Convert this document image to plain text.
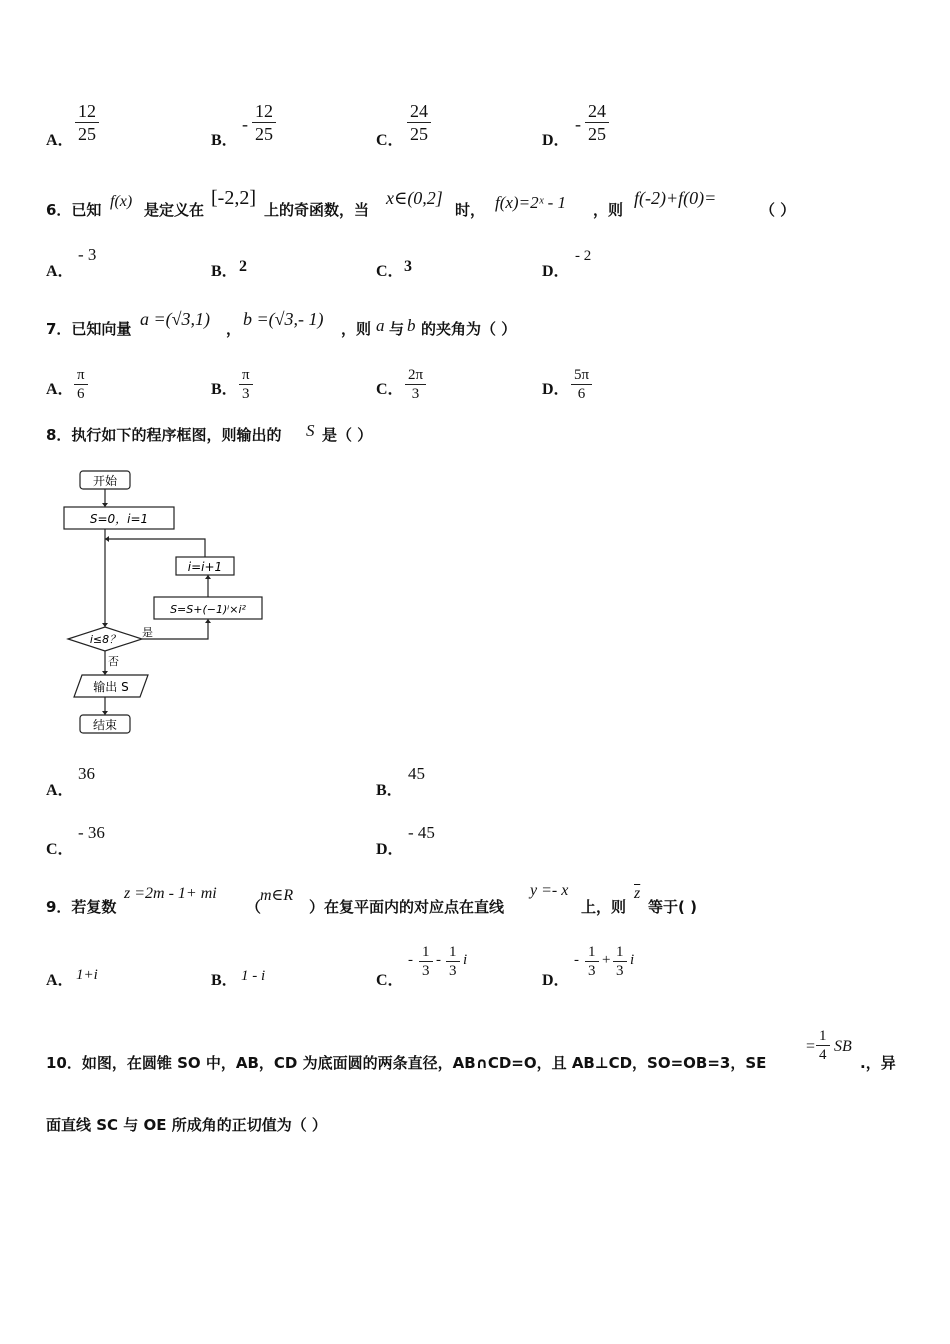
A． $\frac{12}{25}$	B．
- $\frac{12}{25}$	C． $\frac{24}{25}$	D．
- $\frac{24}{25}$
6．已知 f(x) 是定义在
[-2,2]
上的奇函数，当
x∈(0,2]
时， f(x)=2ˣ - 1 ，则
f(-2)+f(0)=
（ ）
A．
- 3
B． 2	C． 3	D．
- 2
7．已知向量 a =(√3,1) ， b =(√3,- 1) ，则 a 与 b 的夹角为（ ）
A． $\frac{\pi}{6}$	B． $\frac{\pi}{3}$	C． $\frac{2\pi}{3}$	D． $\frac{5\pi}{6}$
8．执行如下的程序框图，则输出的 S 是（ ）
开始
S=0，i=1
i=i+1
S=S+(−1)ⁱ×i²
i≤8？
是
否
输出 S
结束
A．
36
B．
45
C．
- 36
D．
- 45
9．若复数
z =2m - 1+ mi
（
m∈R
）在复平面内的对应点在直线
y =- x
上，则
$\overline{z}$
等于( )
A． 1+i	B． 1 - i	C．
- $\frac{1}{3} - \frac{1}{3}$ i
D．
- $\frac{1}{3} + \frac{1}{3}$ i
10．如图，在圆锥 SO 中，AB，CD 为底面圆的两条直径，AB∩CD=O，且 AB⊥CD，SO=OB=3，SE
= $\frac{1}{4}$ SB
.，异
面直线 SC 与 OE 所成角的正切值为（ ）
